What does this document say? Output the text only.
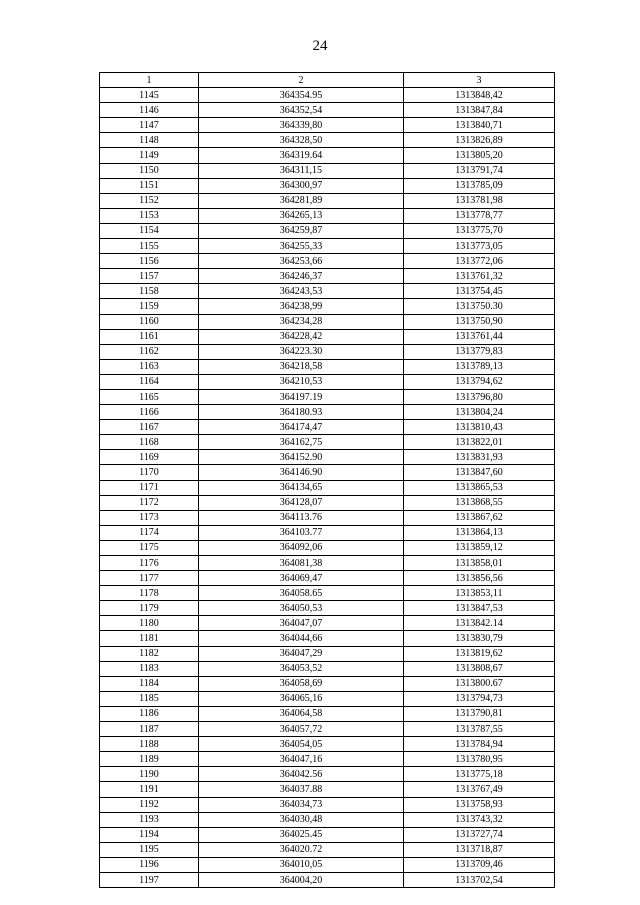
24
1	2	3
1145	364354.95	1313848,42
1146	364352,54	1313847,84
1147	364339,80	1313840,71
1148	364328,50	1313826,89
1149	364319.64	1313805,20
1150	364311,15	1313791,74
1151	364300,97	1313785,09
1152	364281,89	1313781,98
1153	364265,13	1313778,77
1154	364259,87	1313775,70
1155	364255,33	1313773,05
1156	364253,66	1313772,06
1157	364246,37	1313761,32
1158	364243,53	1313754,45
1159	364238,99	1313750.30
1160	364234,28	1313750,90
1161	364228,42	1313761,44
1162	364223.30	1313779,83
1163	364218,58	1313789,13
1164	364210,53	1313794,62
1165	364197.19	1313796,80
1166	364180.93	1313804,24
1167	364174,47	1313810,43
1168	364162,75	1313822,01
1169	364152.90	1313831,93
1170	364146.90	1313847,60
1171	364134,65	1313865,53
1172	364128,07	1313868,55
1173	364113.76	1313867,62
1174	364103.77	1313864,13
1175	364092,06	1313859,12
1176	364081,38	1313858,01
1177	364069,47	1313856,56
1178	364058.65	1313853,11
1179	364050,53	1313847,53
1180	364047,07	1313842.14
1181	364044,66	1313830,79
1182	364047,29	1313819,62
1183	364053,52	1313808,67
1184	364058,69	1313800.67
1185	364065,16	1313794,73
1186	364064,58	1313790,81
1187	364057,72	1313787,55
1188	364054,05	1313784,94
1189	364047,16	1313780,95
1190	364042.56	1313775,18
1191	364037.88	1313767,49
1192	364034,73	1313758,93
1193	364030,48	1313743,32
1194	364025.45	1313727,74
1195	364020.72	1313718,87
1196	364010,05	1313709,46
1197	364004,20	1313702,54
